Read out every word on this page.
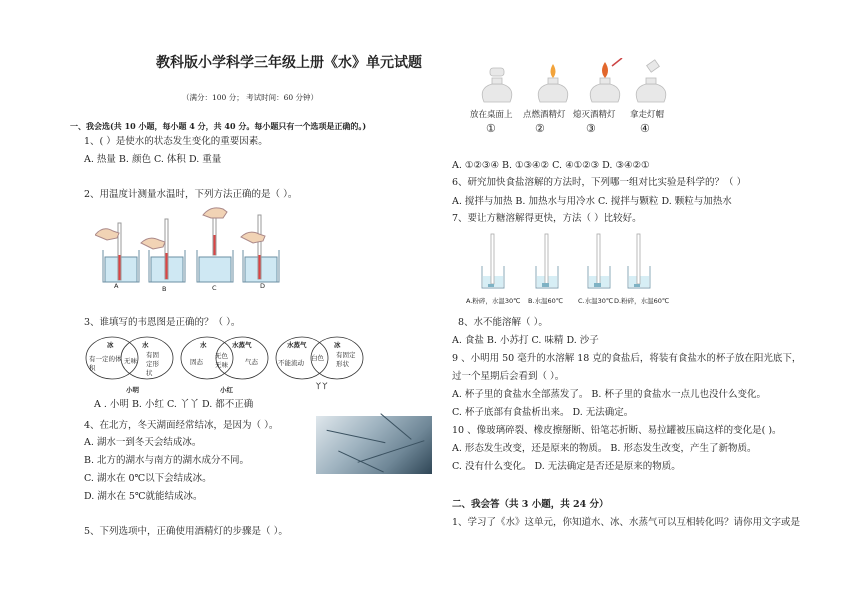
教科版小学科学三年级上册《水》单元试题
（满分：100 分； 考试时间：60 分钟）
一、我会选(共 10 小题，每小题 4 分，共 40 分。每小题只有一个选项是正确的。)
1、( ）是使水的状态发生变化的重要因素。
A. 热量 B. 颜色 C. 体积 D. 重量
2、用温度计测量水温时，下列方法正确的是（ ）。
A	B	C	D
3、谁填写的韦恩图是正确的？（ ）。
冰	水
有一定的体积
无味
有固定形状
小明
水	水蒸气
固态
无色无味	气态
小红
水蒸气	冰
不能流动
白色 有固定形状
丫丫
A . 小明 B. 小红 C. 丫丫 D. 都不正确
4、在北方，冬天湖面经常结冰，是因为（ ）。
A. 湖水一到冬天会结成冰。
B. 北方的湖水与南方的湖水成分不同。
C. 湖水在 0℃以下会结成冰。
D. 湖水在 5℃就能结成冰。
5、下列选项中，正确使用酒精灯的步骤是（ ）。
放在桌面上 点燃酒精灯 熄灭酒精灯 拿走灯帽
①	②	③	④
A. ①②③④ B. ①③④② C. ④①②③ D. ③④②①
6、研究加快食盐溶解的方法时，下列哪一组对比实验是科学的？（ ）
A. 搅拌与加热 B. 加热水与用冷水 C. 搅拌与颗粒 D. 颗粒与加热水
7、要让方糖溶解得更快，方法（ ）比较好。
A.粉碎，水温30℃ B.水温60℃ C.水温30℃ D.粉碎，水温60℃
8、水不能溶解（ ）。
A. 食盐 B. 小苏打 C. 味精 D. 沙子
9 、小明用 50 毫升的水溶解 18 克的食盐后，将装有食盐水的杯子放在阳光底下，
过一个星期后会看到（ ）。
A. 杯子里的食盐水全部蒸发了。 B. 杯子里的食盐水一点儿也没什么变化。
C. 杯子底部有食盐析出来。 D. 无法确定。
10 、像玻璃碎裂、橡皮擦掰断、铅笔芯折断、易拉罐被压扁这样的变化是( )。
A. 形态发生改变，还是原来的物质。 B. 形态发生改变，产生了新物质。
C. 没有什么变化。 D. 无法确定是否还是原来的物质。
二、我会答（共 3 小题，共 24 分）
1、学习了《水》这单元，你知道水、冰、水蒸气可以互相转化吗？请你用文字或是
